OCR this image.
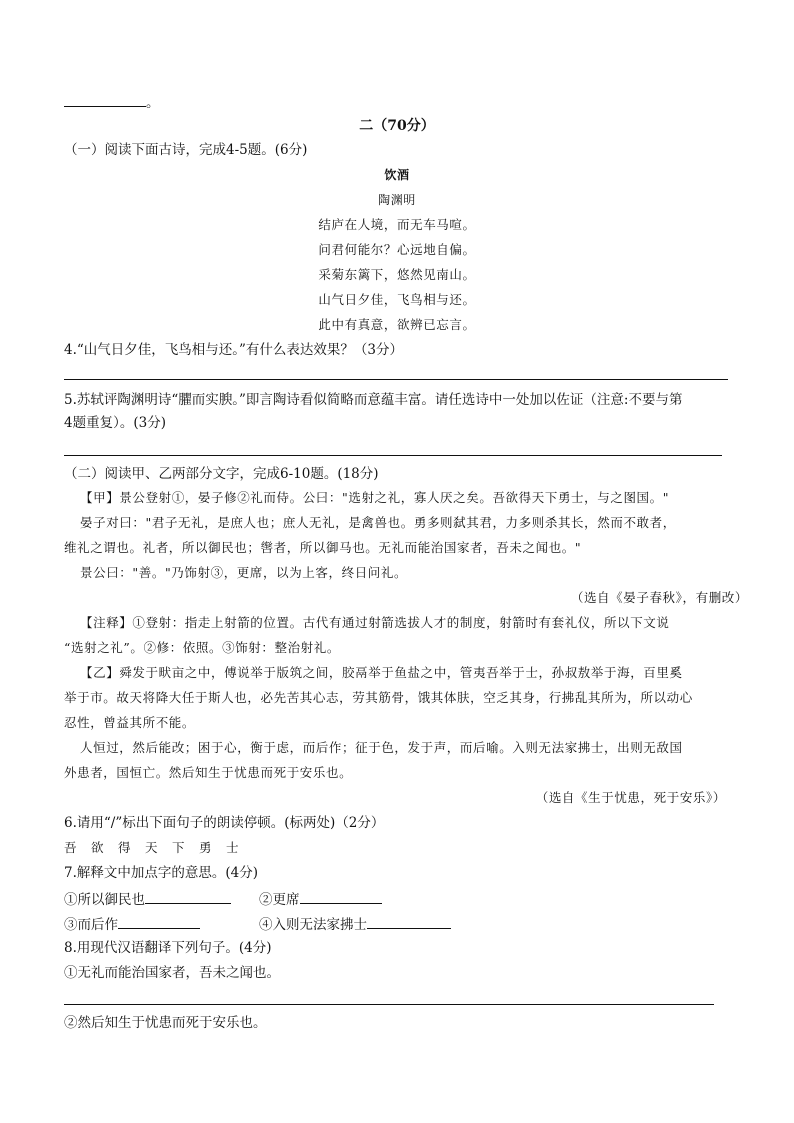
。
二（70分）
（一）阅读下面古诗，完成4-5题。(6分)
饮酒
陶渊明
结庐在人境，而无车马喧。
问君何能尔？心远地自偏。
采菊东篱下，悠然见南山。
山气日夕佳，飞鸟相与还。
此中有真意，欲辨已忘言。
4.“山气日夕佳，飞鸟相与还。”有什么表达效果？（3分）
5.苏轼评陶渊明诗“臞而实腴。”即言陶诗看似简略而意蕴丰富。请任选诗中一处加以佐证（注意:不要与第
4题重复）。(3分)
（二）阅读甲、乙两部分文字，完成6-10题。(18分)
【甲】景公登射①，晏子修②礼而侍。公曰："选射之礼，寡人厌之矣。吾欲得天下勇士，与之图国。"
晏子对曰："君子无礼，是庶人也；庶人无礼，是禽兽也。勇多则弑其君，力多则杀其长，然而不敢者，
维礼之谓也。礼者，所以御民也；辔者，所以御马也。无礼而能治国家者，吾未之闻也。"
景公曰："善。"乃饰射③，更席，以为上客，终日问礼。
（选自《晏子春秋》，有删改）
【注释】①登射：指走上射箭的位置。古代有通过射箭选拔人才的制度，射箭时有套礼仪，所以下文说
“选射之礼”。②修：依照。③饰射：整治射礼。
【乙】舜发于畎亩之中，傅说举于版筑之间，胶鬲举于鱼盐之中，管夷吾举于士，孙叔敖举于海，百里奚
举于市。故天将降大任于斯人也，必先苦其心志，劳其筋骨，饿其体肤，空乏其身，行拂乱其所为，所以动心
忍性，曾益其所不能。
人恒过，然后能改；困于心，衡于虑，而后作；征于色，发于声，而后喻。入则无法家拂士，出则无敌国
外患者，国恒亡。然后知生于忧患而死于安乐也。
（选自《生于忧患，死于安乐》）
6.请用“/”标出下面句子的朗读停顿。(标两处)（2分）
吾 欲 得 天 下 勇 士
7.解释文中加点字的意思。(4分)
①所以御民也	②更席
③而后作	④入则无法家拂士
8.用现代汉语翻译下列句子。(4分)
①无礼而能治国家者，吾未之闻也。
②然后知生于忧患而死于安乐也。
